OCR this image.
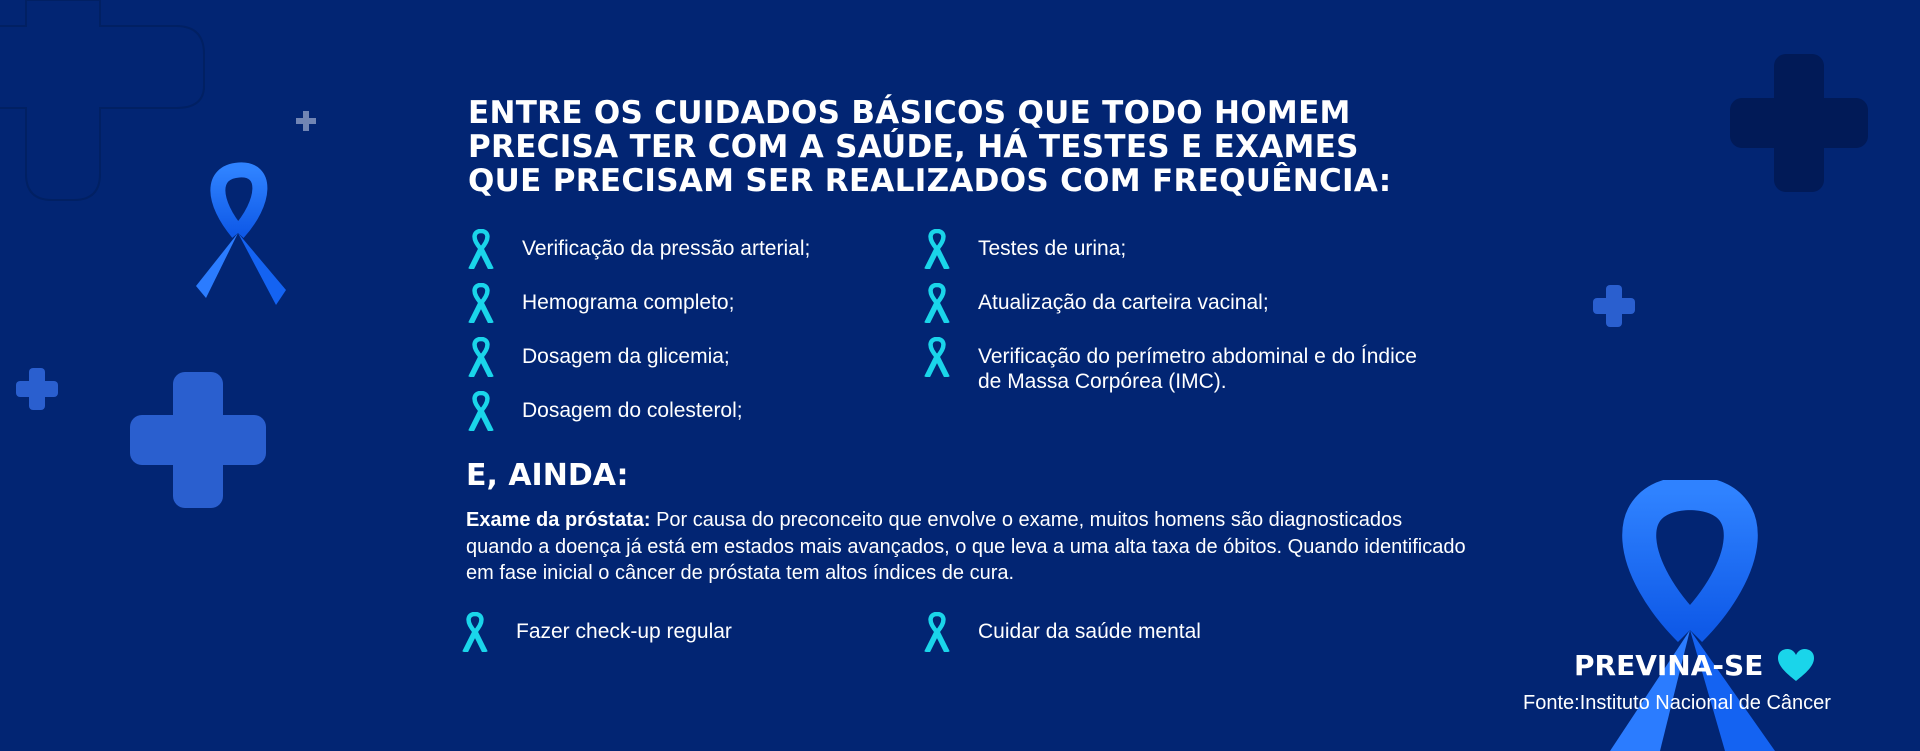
ENTRE OS CUIDADOS BÁSICOS QUE TODO HOMEM PRECISA TER COM A SAÚDE, HÁ TESTES E EXAMES QUE PRECISAM SER REALIZADOS COM FREQUÊNCIA:
Verificação da pressão arterial;
Hemograma completo;
Dosagem da glicemia;
Dosagem do colesterol;
Testes de urina;
Atualização da carteira vacinal;
Verificação do perímetro abdominal e do Índice de Massa Corpórea (IMC).
E, AINDA:

Exame da próstata: Por causa do preconceito que envolve o exame, muitos homens são diagnosticados quando a doença já está em estados mais avançados, o que leva a uma alta taxa de óbitos. Quando identificado em fase inicial o câncer de próstata tem altos índices de cura.

Fazer check-up regular	Cuidar da saúde mental
PREVINA-SE
Fonte:Instituto Nacional de Câncer
